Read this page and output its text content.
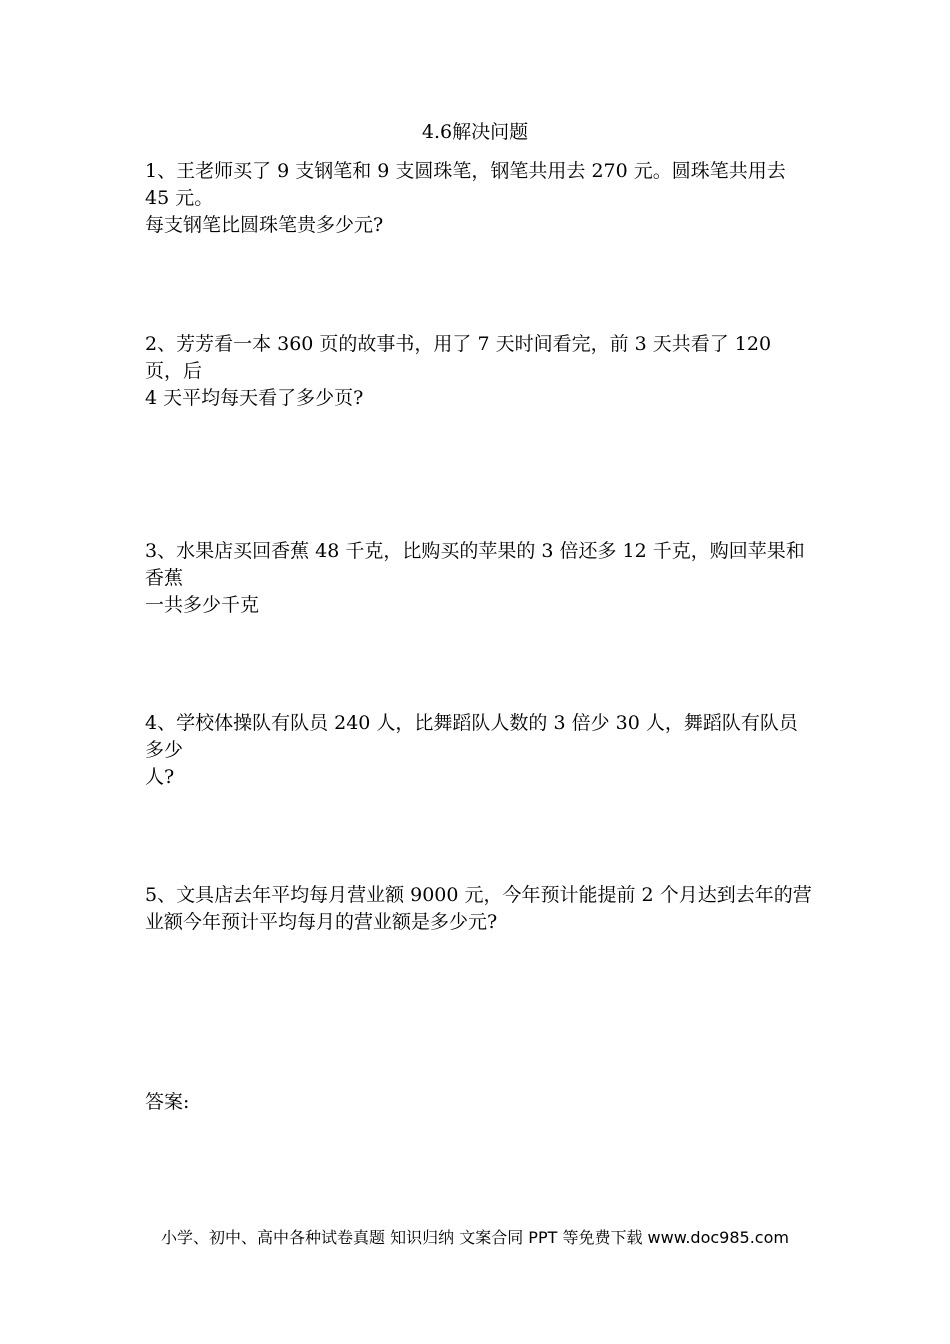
4.6解决问题
1、王老师买了 9 支钢笔和 9 支圆珠笔，钢笔共用去 270 元。圆珠笔共用去 45 元。
每支钢笔比圆珠笔贵多少元?
2、芳芳看一本 360 页的故事书，用了 7 天时间看完，前 3 天共看了 120 页，后
4 天平均每天看了多少页?
3、水果店买回香蕉 48 千克，比购买的苹果的 3 倍还多 12 千克，购回苹果和香蕉
一共多少千克
4、学校体操队有队员 240 人，比舞蹈队人数的 3 倍少 30 人，舞蹈队有队员多少
人?
5、文具店去年平均每月营业额 9000 元，今年预计能提前 2 个月达到去年的营
业额今年预计平均每月的营业额是多少元?
答案:
小学、初中、高中各种试卷真题 知识归纳 文案合同 PPT 等免费下载 www.doc985.com
